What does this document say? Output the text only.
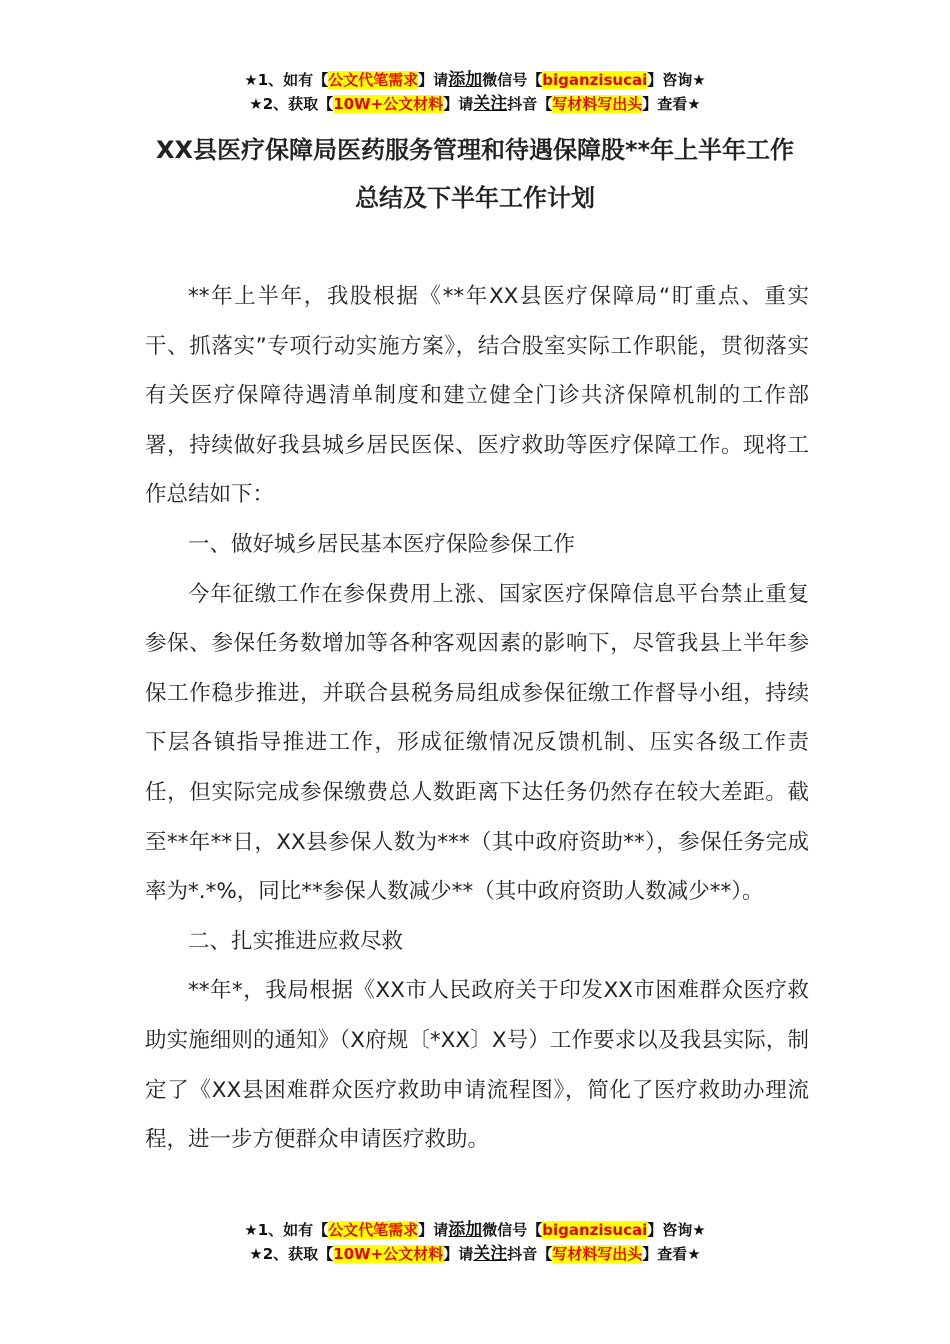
★1、如有【公文代笔需求】请添加微信号【biganzisucai】咨询★
★2、获取【10W+公文材料】请关注抖音【写材料写出头】查看★
XX县医疗保障局医药服务管理和待遇保障股**年上半年工作总结及下半年工作计划

**年上半年，我股根据《**年XX县医疗保障局“盯重点、重实干、抓落实”专项行动实施方案》，结合股室实际工作职能，贯彻落实有关医疗保障待遇清单制度和建立健全门诊共济保障机制的工作部署，持续做好我县城乡居民医保、医疗救助等医疗保障工作。现将工作总结如下：

一、做好城乡居民基本医疗保险参保工作

今年征缴工作在参保费用上涨、国家医疗保障信息平台禁止重复参保、参保任务数增加等各种客观因素的影响下，尽管我县上半年参保工作稳步推进，并联合县税务局组成参保征缴工作督导小组，持续下层各镇指导推进工作，形成征缴情况反馈机制、压实各级工作责任，但实际完成参保缴费总人数距离下达任务仍然存在较大差距。截至**年**日，XX县参保人数为***（其中政府资助**），参保任务完成率为*.*%，同比**参保人数减少**（其中政府资助人数减少**）。

二、扎实推进应救尽救

**年*，我局根据《XX市人民政府关于印发XX市困难群众医疗救助实施细则的通知》（X府规〔*XX〕X号）工作要求以及我县实际，制定了《XX县困难群众医疗救助申请流程图》，简化了医疗救助办理流程，进一步方便群众申请医疗救助。

★1、如有【公文代笔需求】请添加微信号【biganzisucai】咨询★
★2、获取【10W+公文材料】请关注抖音【写材料写出头】查看★
